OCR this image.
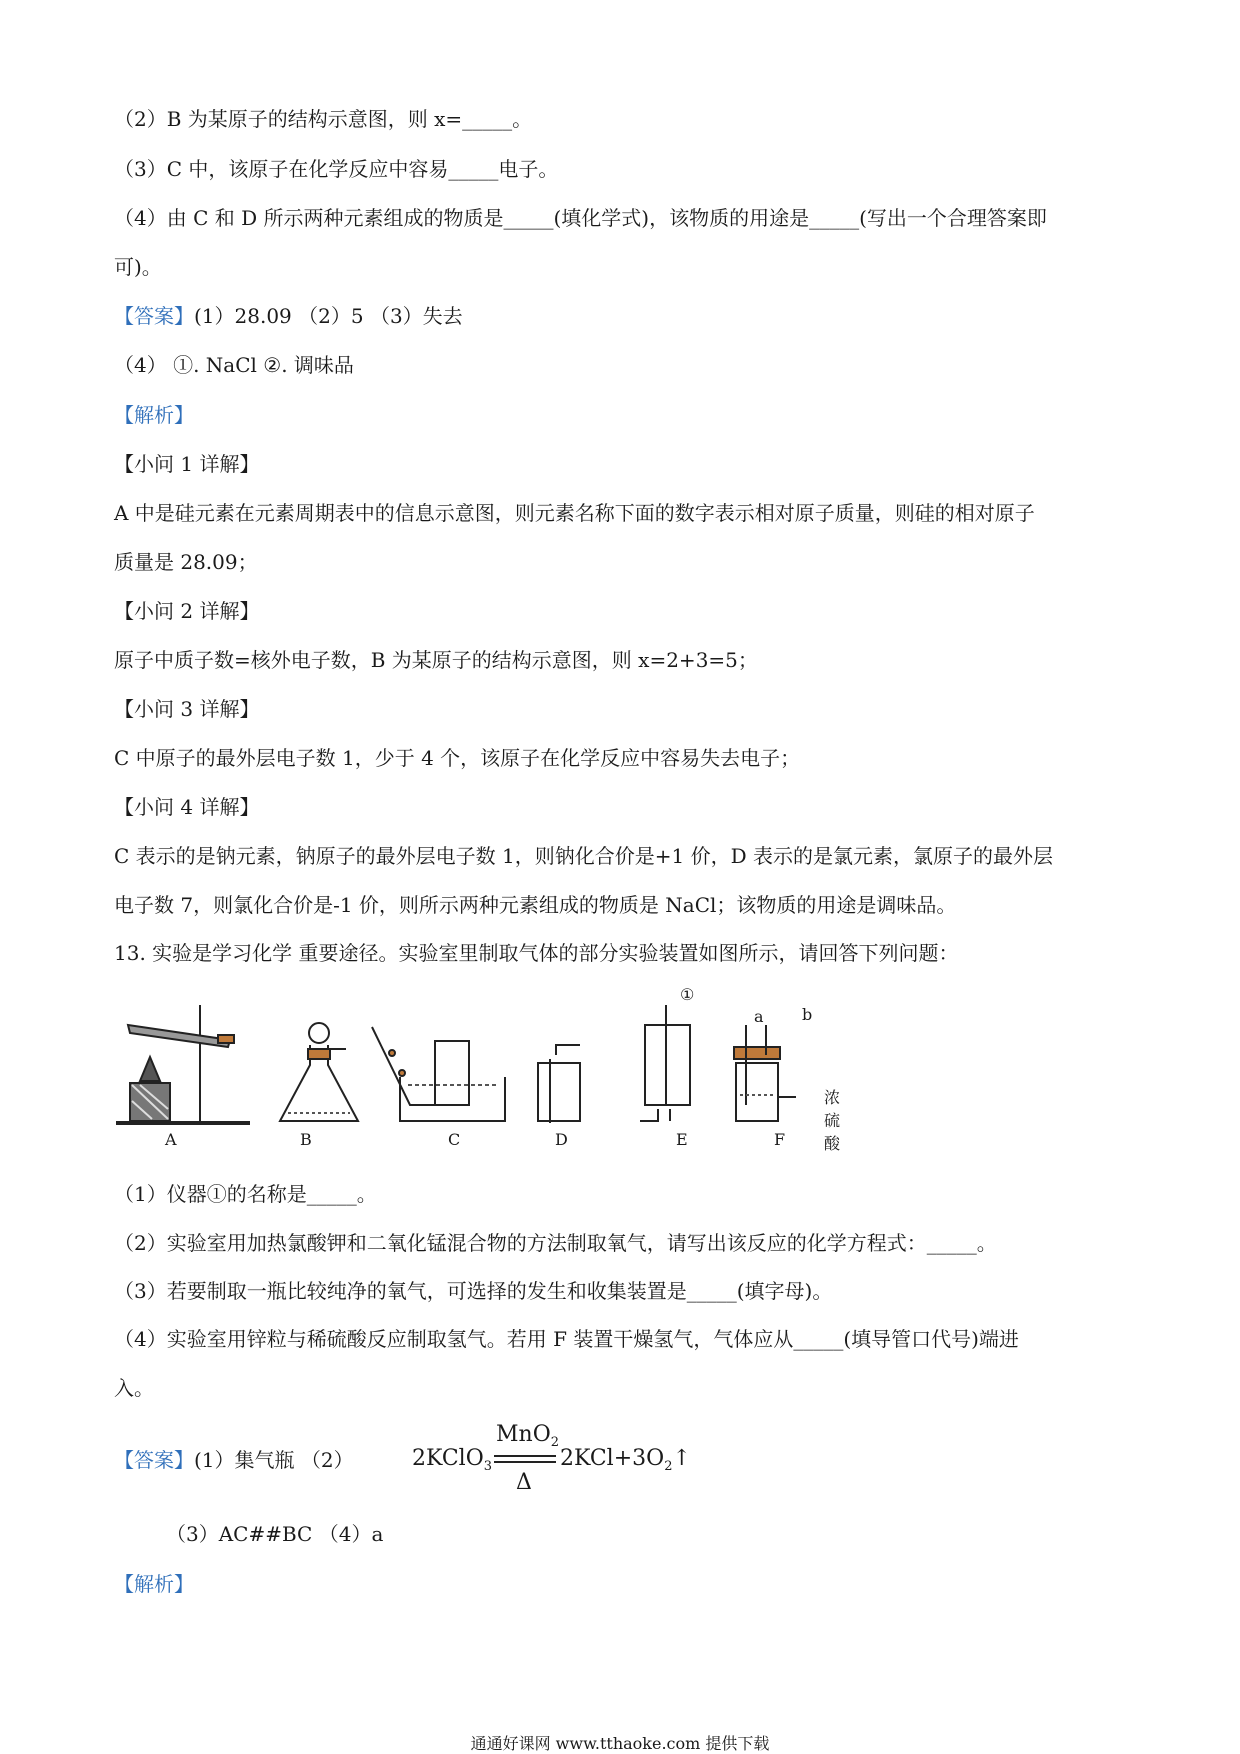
（2）B 为某原子的结构示意图，则 x=_____。
（3）C 中，该原子在化学反应中容易_____电子。
（4）由 C 和 D 所示两种元素组成的物质是_____(填化学式)，该物质的用途是_____(写出一个合理答案即
可)。
【答案】(1）28.09 （2）5 （3）失去
（4） ①. NaCl ②. 调味品
【解析】
【小问 1 详解】
A 中是硅元素在元素周期表中的信息示意图，则元素名称下面的数字表示相对原子质量，则硅的相对原子
质量是 28.09；
【小问 2 详解】
原子中质子数=核外电子数，B 为某原子的结构示意图，则 x=2+3=5；
【小问 3 详解】
C 中原子的最外层电子数 1，少于 4 个，该原子在化学反应中容易失去电子；
【小问 4 详解】
C 表示的是钠元素，钠原子的最外层电子数 1，则钠化合价是+1 价，D 表示的是氯元素，氯原子的最外层
电子数 7，则氯化合价是-1 价，则所示两种元素组成的物质是 NaCl；该物质的用途是调味品。
13. 实验是学习化学 重要途径。实验室里制取气体的部分实验装置如图所示，请回答下列问题：
A	B	C	D	E	F
①
a b
浓硫酸
（1）仪器①的名称是_____。
（2）实验室用加热氯酸钾和二氧化锰混合物的方法制取氧气，请写出该反应的化学方程式：_____。
（3）若要制取一瓶比较纯净的氧气，可选择的发生和收集装置是_____(填字母)。
（4）实验室用锌粒与稀硫酸反应制取氢气。若用 F 装置干燥氢气，气体应从_____(填导管口代号)端进
入。
【答案】(1）集气瓶 （2）	2KClO$_3$
MnO$_2$
Δ
$2KCl+3O_2↑$
（3）AC##BC （4）a
【解析】
通通好课网 www.tthaoke.com 提供下载
